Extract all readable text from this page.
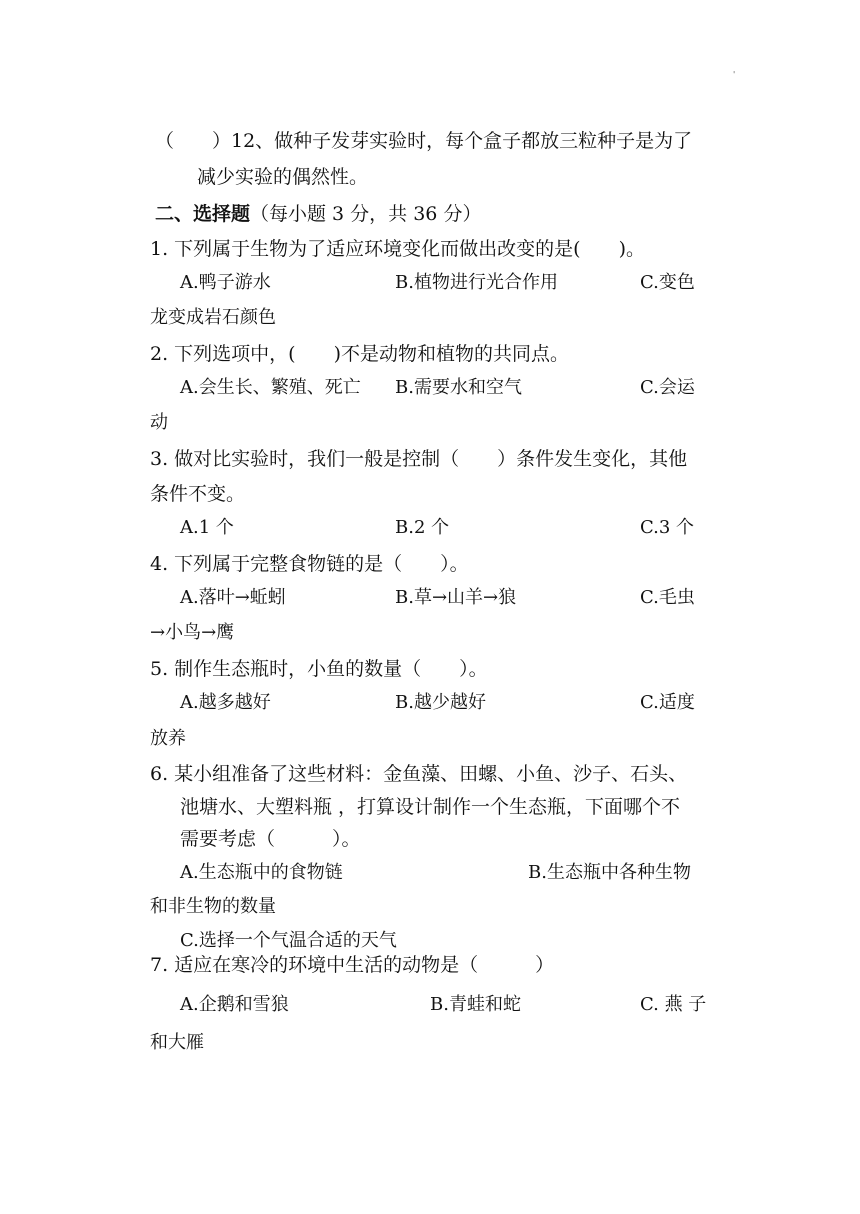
'
（　　）12、做种子发芽实验时，每个盒子都放三粒种子是为了
减少实验的偶然性。
二、选择题（每小题 3 分，共 36 分）
1. 下列属于生物为了适应环境变化而做出改变的是(　　)。
A.鸭子游水	B.植物进行光合作用	C.变色
龙变成岩石颜色
2. 下列选项中，(　　)不是动物和植物的共同点。
A.会生长、繁殖、死亡 B.需要水和空气	C.会运
动
3. 做对比实验时，我们一般是控制（　　）条件发生变化，其他
条件不变。
A.1 个	B.2 个	C.3 个
4. 下列属于完整食物链的是（　　）。
A.落叶→蚯蚓	B.草→山羊→狼	C.毛虫
→小鸟→鹰
5. 制作生态瓶时，小鱼的数量（　　）。
A.越多越好	B.越少越好	C.适度
放养
6. 某小组准备了这些材料：金鱼藻、田螺、小鱼、沙子、石头、
池塘水、大塑料瓶 ，打算设计制作一个生态瓶，下面哪个不
需要考虑（　　　）。
A.生态瓶中的食物链	B.生态瓶中各种生物
和非生物的数量
C.选择一个气温合适的天气
7. 适应在寒冷的环境中生活的动物是（　　　）
A.企鹅和雪狼	B.青蛙和蛇	C. 燕 子
和大雁
